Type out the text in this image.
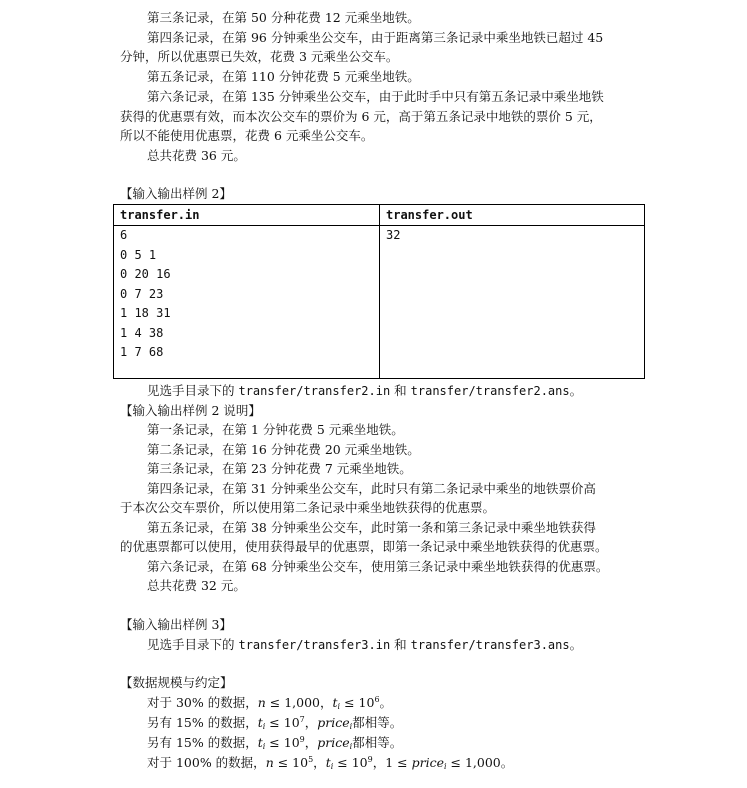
第三条记录，在第 50 分种花费 12 元乘坐地铁。
第四条记录，在第 96 分钟乘坐公交车，由于距离第三条记录中乘坐地铁已超过 45
分钟，所以优惠票已失效，花费 3 元乘坐公交车。
第五条记录，在第 110 分钟花费 5 元乘坐地铁。
第六条记录，在第 135 分钟乘坐公交车，由于此时手中只有第五条记录中乘坐地铁
获得的优惠票有效，而本次公交车的票价为 6 元，高于第五条记录中地铁的票价 5 元，
所以不能使用优惠票，花费 6 元乘坐公交车。
总共花费 36 元。
【输入输出样例 2】
transfer.in	transfer.out
6
0 5 1
0 20 16
0 7 23
1 18 31
1 4 38
1 7 68
32
见选手目录下的 transfer/transfer2.in 和 transfer/transfer2.ans。
【输入输出样例 2 说明】
第一条记录，在第 1 分钟花费 5 元乘坐地铁。
第二条记录，在第 16 分钟花费 20 元乘坐地铁。
第三条记录，在第 23 分钟花费 7 元乘坐地铁。
第四条记录，在第 31 分钟乘坐公交车，此时只有第二条记录中乘坐的地铁票价高
于本次公交车票价，所以使用第二条记录中乘坐地铁获得的优惠票。
第五条记录，在第 38 分钟乘坐公交车，此时第一条和第三条记录中乘坐地铁获得
的优惠票都可以使用，使用获得最早的优惠票，即第一条记录中乘坐地铁获得的优惠票。
第六条记录，在第 68 分钟乘坐公交车，使用第三条记录中乘坐地铁获得的优惠票。
总共花费 32 元。
【输入输出样例 3】
见选手目录下的 transfer/transfer3.in 和 transfer/transfer3.ans。
【数据规模与约定】
对于 30% 的数据，n ≤ 1,000，$t_i \le 10^6$。
另有 15% 的数据，$t_i \le 10^7$，price$_i$都相等。
另有 15% 的数据，$t_i \le 10^9$，price$_i$都相等。
对于 100% 的数据，$n \le 10^5$，$t_i \le 10^9$，1 ≤ price$_i$ ≤ 1,000。
